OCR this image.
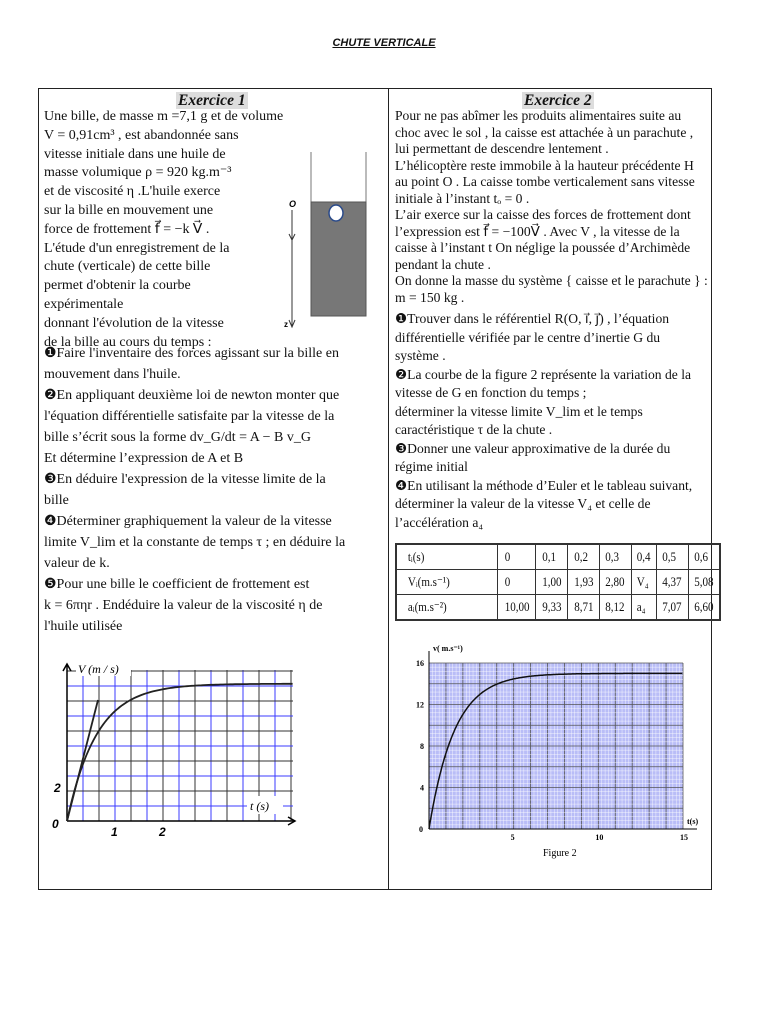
CHUTE VERTICALE
Exercice 1	Exercice 2
Une bille, de masse m =7,1 g et de volume
V = 0,91cm³ , est abandonnée sans
vitesse initiale dans une huile de
masse volumique ρ = 920 kg.m⁻³
et de viscosité η .L'huile exerce
sur la bille en mouvement une
force de frottement f⃗ = −k V⃗ .
L'étude d'un enregistrement de la
chute (verticale) de cette bille
permet d'obtenir la courbe
expérimentale
donnant l'évolution de la vitesse
de la bille au cours du temps :
❶Faire l'inventaire des forces agissant sur la bille en
mouvement dans l'huile.
❷En appliquant deuxième loi de newton monter que
l'équation différentielle satisfaite par la vitesse de la
bille s’écrit sous la forme dv_G/dt = A − B v_G
Et détermine l’expression de A et B
❸En déduire l'expression de la vitesse limite de la
bille
❹Déterminer graphiquement la valeur de la vitesse
limite V_lim et la constante de temps τ ; en déduire la
valeur de k.
❺Pour une bille le coefficient de frottement est
k = 6πηr . Endéduire la valeur de la viscosité η de
l'huile utilisée
Pour ne pas abîmer les produits alimentaires suite au
choc avec le sol , la caisse est attachée à un parachute ,
lui permettant de descendre lentement .
L’hélicoptère reste immobile à la hauteur précédente H
au point O . La caisse tombe verticalement sans vitesse
initiale à l’instant tₒ = 0 .
L’air exerce sur la caisse des forces de frottement dont
l’expression est f⃗ = −100V⃗ . Avec V , la vitesse de la
caisse à l’instant t On néglige la poussée d’Archimède
pendant la chute .
On donne la masse du système { caisse et le parachute } :
m = 150 kg .
❶Trouver dans le référentiel R(O, i⃗, j⃗) , l’équation
différentielle vérifiée par le centre d’inertie G du
système .
❷La courbe de la figure 2 représente la variation de la
vitesse de G en fonction du temps ;
déterminer la vitesse limite V_lim et le temps
caractéristique τ de la chute .
❸Donner une valeur approximative de la durée du
régime initial
❹En utilisant la méthode d’Euler et le tableau suivant,
déterminer la valeur de la vitesse V₄ et celle de
l’accélération a₄
O
z
V (m / s)
t (s)
0
1	2
2
tᵢ(s)	0	0,1	0,2	0,3	0,4	0,5	0,6
Vᵢ(m.s⁻¹)	0	1,00	1,93	2,80	V₄	4,37	5,08
aᵢ(m.s⁻²)	10,00	9,33	8,71	8,12	a₄	7,07	6,60
v( m.s⁻¹)
t(s)
0
5	10	15
4
8
12
16
Figure 2
